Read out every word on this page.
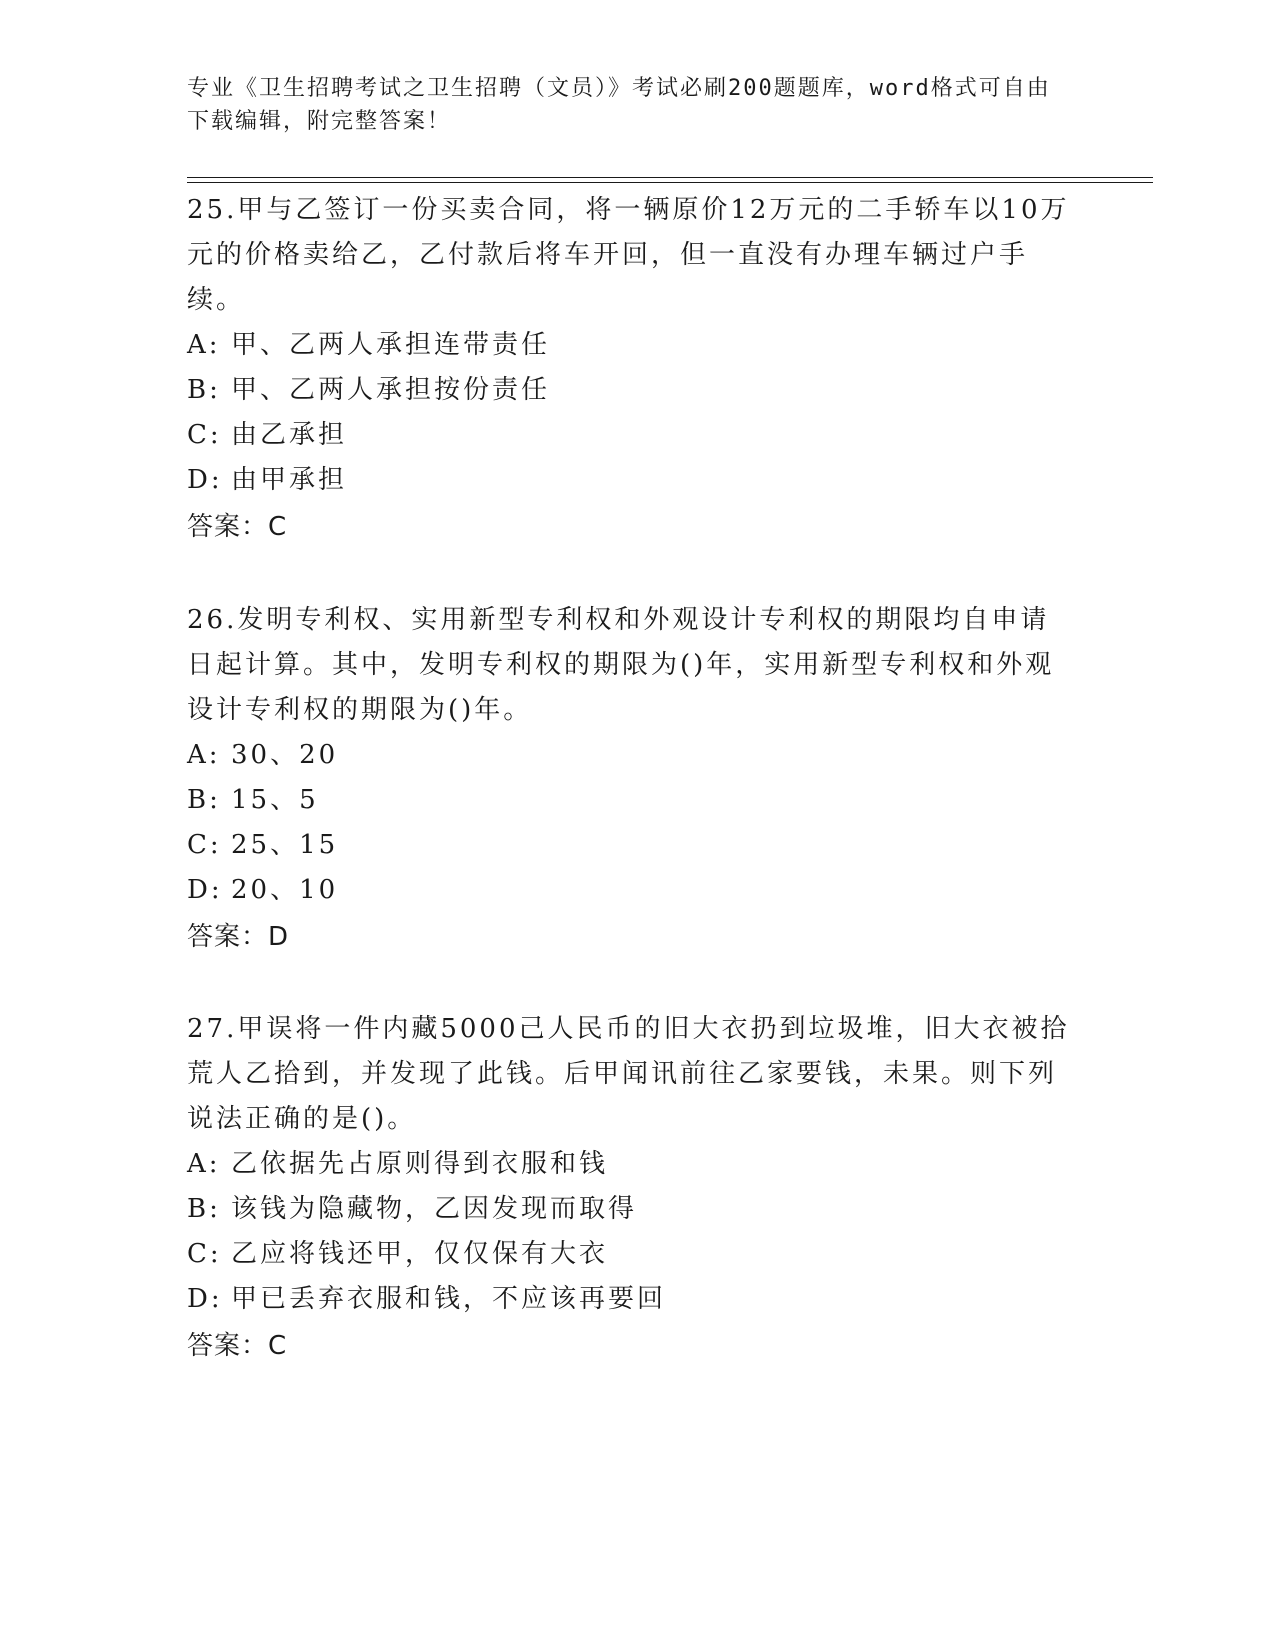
专业《卫生招聘考试之卫生招聘（文员）》考试必刷200题题库，word格式可自由下载编辑，附完整答案！

25.甲与乙签订一份买卖合同，将一辆原价12万元的二手轿车以10万元的价格卖给乙，乙付款后将车开回，但一直没有办理车辆过户手续。

A: 甲、乙两人承担连带责任
B: 甲、乙两人承担按份责任
C: 由乙承担
D: 由甲承担
答案：C

26.发明专利权、实用新型专利权和外观设计专利权的期限均自申请日起计算。其中，发明专利权的期限为()年，实用新型专利权和外观设计专利权的期限为()年。

A: 30、20
B: 15、5
C: 25、15
D: 20、10
答案：D

27.甲误将一件内藏5000己人民币的旧大衣扔到垃圾堆，旧大衣被拾荒人乙拾到，并发现了此钱。后甲闻讯前往乙家要钱，未果。则下列说法正确的是()。

A: 乙依据先占原则得到衣服和钱
B: 该钱为隐藏物，乙因发现而取得
C: 乙应将钱还甲，仅仅保有大衣
D: 甲已丢弃衣服和钱，不应该再要回
答案：C
